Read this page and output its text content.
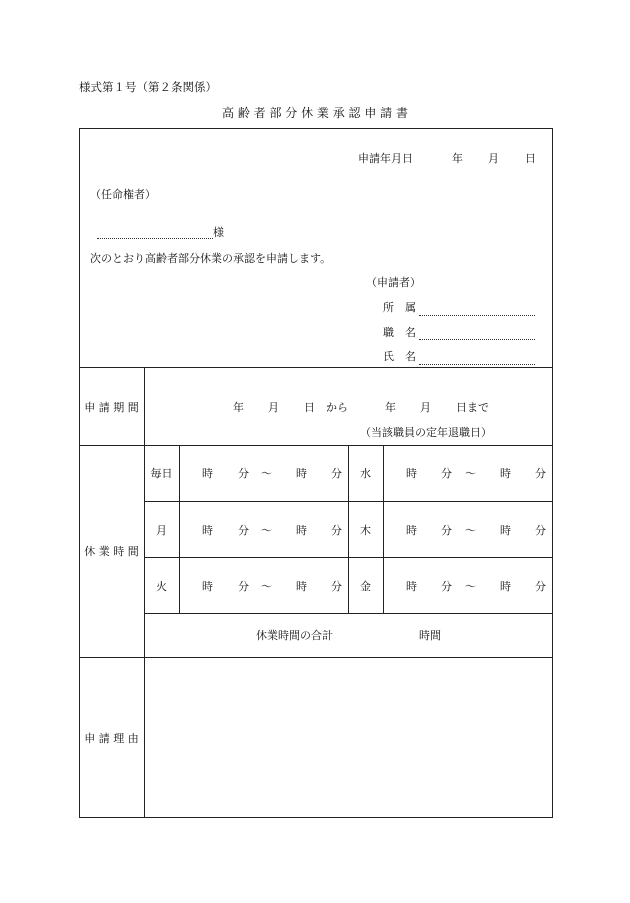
様式第１号（第２条関係）
高 齢 者 部 分 休 業 承 認 申 請 書
申請年月日	年 月 日
（任命権者）
様
次のとおり高齢者部分休業の承認を申請します。
（申請者）
所　属
職　名
氏　名
申 請 期 間	年 月 日 から	年 月 日まで
（当該職員の定年退職日）
休 業 時 間
毎日	時 分 〜 時 分	水	時 分 〜 時 分
月	時 分 〜 時 分	木	時 分 〜 時 分
火	時 分 〜 時 分	金	時 分 〜 時 分
休業時間の合計	時間
申 請 理 由
